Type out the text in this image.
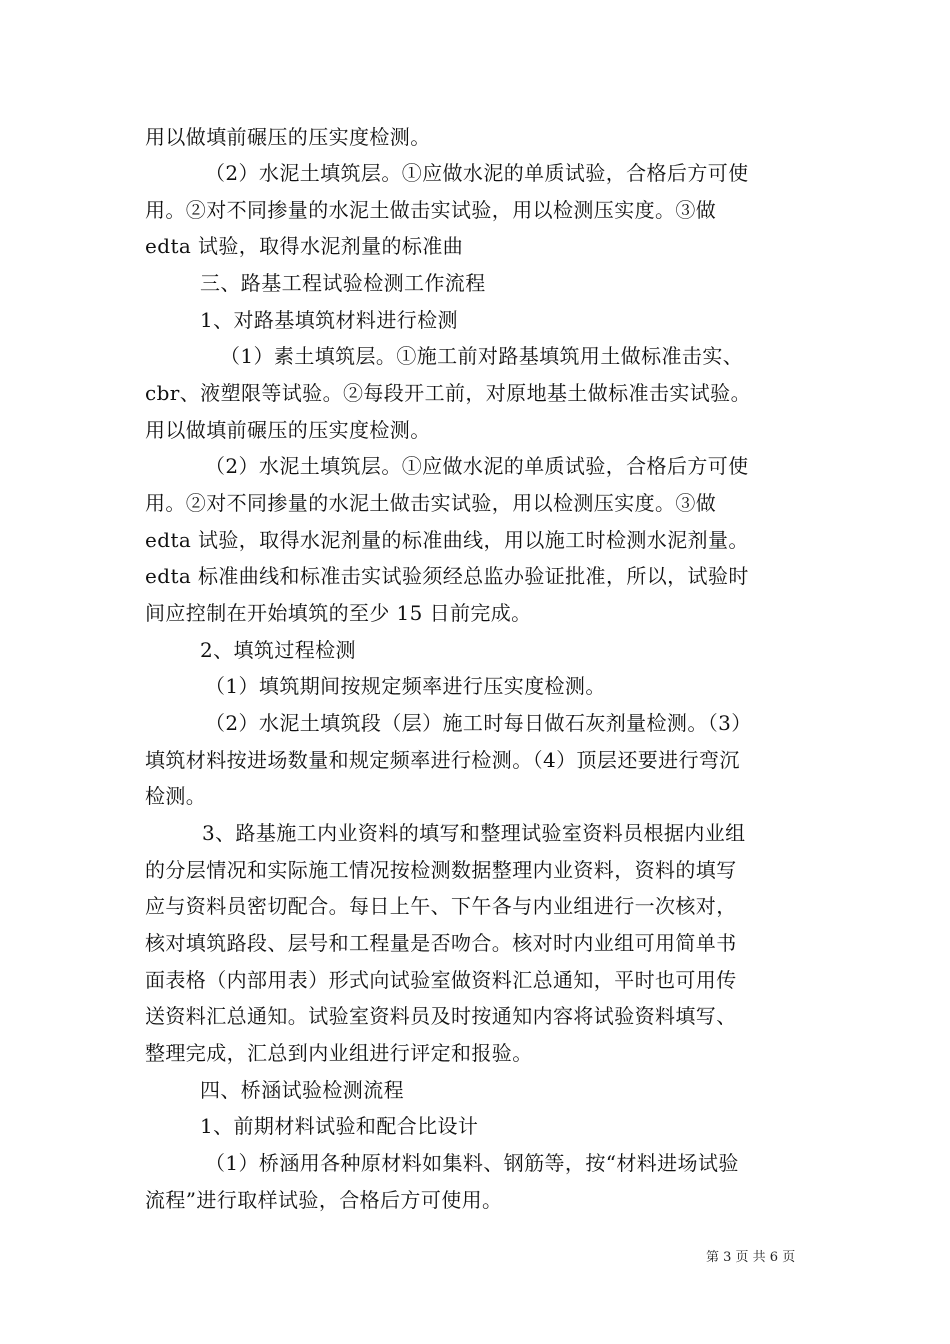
用以做填前碾压的压实度检测。

（2）水泥土填筑层。①应做水泥的单质试验，合格后方可使

用。②对不同掺量的水泥土做击实试验，用以检测压实度。③做

edta 试验，取得水泥剂量的标准曲

三、路基工程试验检测工作流程

1、对路基填筑材料进行检测

（1）素土填筑层。①施工前对路基填筑用土做标准击实、

cbr、液塑限等试验。②每段开工前，对原地基土做标准击实试验。

用以做填前碾压的压实度检测。

（2）水泥土填筑层。①应做水泥的单质试验，合格后方可使

用。②对不同掺量的水泥土做击实试验，用以检测压实度。③做

edta 试验，取得水泥剂量的标准曲线，用以施工时检测水泥剂量。

edta 标准曲线和标准击实试验须经总监办验证批准，所以，试验时

间应控制在开始填筑的至少 15 日前完成。

2、填筑过程检测

（1）填筑期间按规定频率进行压实度检测。

（2）水泥土填筑段（层）施工时每日做石灰剂量检测。（3）

填筑材料按进场数量和规定频率进行检测。（4）顶层还要进行弯沉

检测。

3、路基施工内业资料的填写和整理试验室资料员根据内业组

的分层情况和实际施工情况按检测数据整理内业资料，资料的填写

应与资料员密切配合。每日上午、下午各与内业组进行一次核对，

核对填筑路段、层号和工程量是否吻合。核对时内业组可用简单书

面表格（内部用表）形式向试验室做资料汇总通知，平时也可用传

送资料汇总通知。试验室资料员及时按通知内容将试验资料填写、

整理完成，汇总到内业组进行评定和报验。

四、桥涵试验检测流程

1、前期材料试验和配合比设计

（1）桥涵用各种原材料如集料、钢筋等，按“材料进场试验

流程”进行取样试验，合格后方可使用。

第 3 页 共 6 页
